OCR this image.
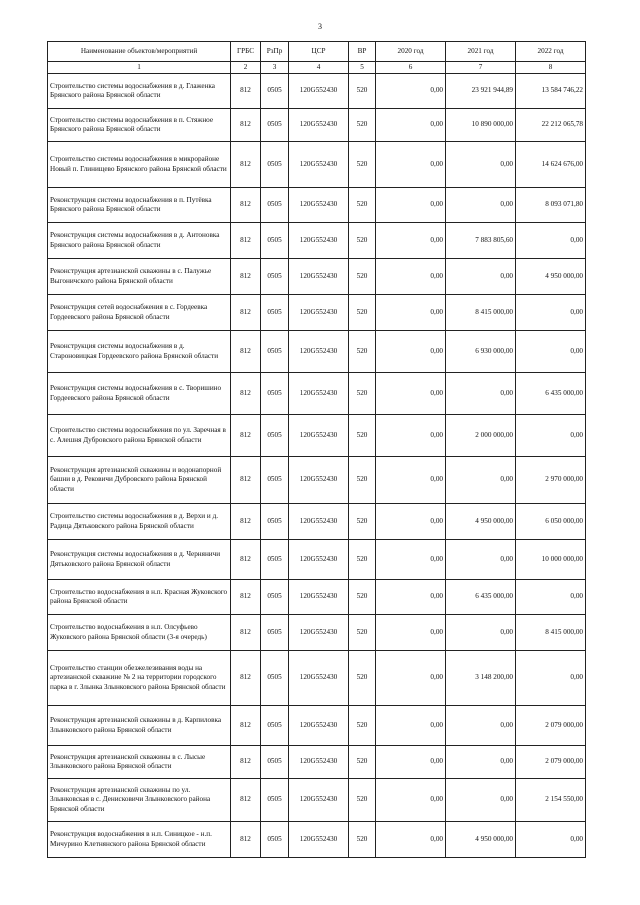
3
Наименование объектов/мероприятий	ГРБС	РзПр	ЦСР	ВР	2020 год	2021 год	2022 год
1	2	3	4	5	6	7	8
Строительство системы водоснабжения в д. Глаженка Брянского района Брянской области	812	0505	120G552430	520	0,00	23 921 944,89	13 584 746,22
Строительство системы водоснабжения в п. Стяжное Брянского района Брянской области	812	0505	120G552430	520	0,00	10 890 000,00	22 212 065,78
Строительство системы водоснабжения в микрорайоне Новый п. Глинищево Брянского района Брянской области	812	0505	120G552430	520	0,00	0,00	14 624 676,00
Реконструкция системы водоснабжения в п. Путёвка Брянского района Брянской области	812	0505	120G552430	520	0,00	0,00	8 093 071,80
Реконструкция системы водоснабжения в д. Антоновка Брянского района Брянской области	812	0505	120G552430	520	0,00	7 883 805,60	0,00
Реконструкция артезианской скважины в с. Палужье Выгоничского района Брянской области	812	0505	120G552430	520	0,00	0,00	4 950 000,00
Реконструкция сетей водоснабжения в с. Гордеевка Гордеевского района Брянской области	812	0505	120G552430	520	0,00	8 415 000,00	0,00
Реконструкция системы водоснабжения в д. Староновицкая Гордеевского района Брянской области	812	0505	120G552430	520	0,00	6 930 000,00	0,00
Реконструкция системы водоснабжения в с. Творишино Гордеевского района Брянской области	812	0505	120G552430	520	0,00	0,00	6 435 000,00
Строительство системы водоснабжения по ул. Заречная в с. Алешня Дубровского района Брянской области	812	0505	120G552430	520	0,00	2 000 000,00	0,00
Реконструкция артезианской скважины и водонапорной башни в д. Рековичи Дубровского района Брянской области	812	0505	120G552430	520	0,00	0,00	2 970 000,00
Строительство системы водоснабжения в д. Верхи и д. Радица Дятьковского района Брянской области	812	0505	120G552430	520	0,00	4 950 000,00	6 050 000,00
Реконструкция системы водоснабжения в д. Черняничи Дятьковского района Брянской области	812	0505	120G552430	520	0,00	0,00	10 000 000,00
Строительство водоснабжения в н.п. Красная Жуковского района Брянской области	812	0505	120G552430	520	0,00	6 435 000,00	0,00
Строительство водоснабжения в н.п. Олсуфьево Жуковского района Брянской области (3-я очередь)	812	0505	120G552430	520	0,00	0,00	8 415 000,00
Строительство станции обезжелезивания воды на артезианской скважине № 2 на территории городского парка в г. Злынка Злынковского района Брянской области	812	0505	120G552430	520	0,00	3 148 200,00	0,00
Реконструкция артезианской скважины в д. Карпиловка Злынковского района Брянской области	812	0505	120G552430	520	0,00	0,00	2 079 000,00
Реконструкция артезианской скважины в с. Лысые Злынковского района Брянской области	812	0505	120G552430	520	0,00	0,00	2 079 000,00
Реконструкция артезианской скважины по ул. Злынковская в с. Денисковичи Злынковского района Брянской области	812	0505	120G552430	520	0,00	0,00	2 154 550,00
Реконструкция водоснабжения в н.п. Синицкое - н.п. Мичурино Клетнянского района Брянской области	812	0505	120G552430	520	0,00	4 950 000,00	0,00
